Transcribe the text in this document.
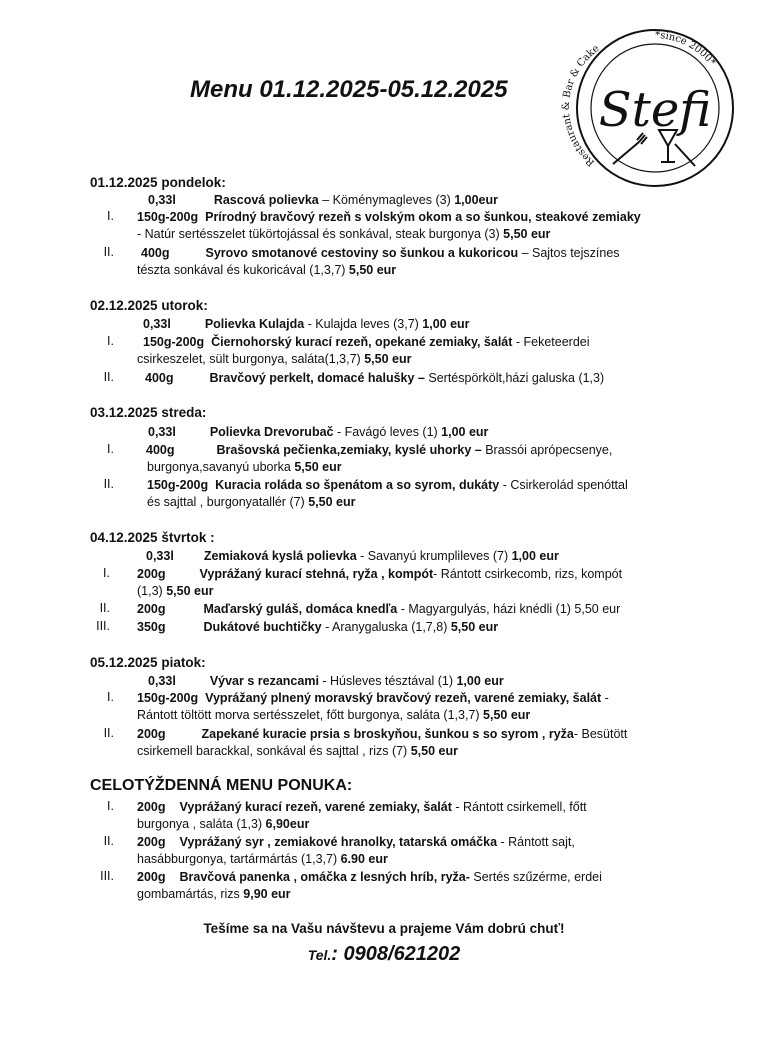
Menu 01.12.2025-05.12.2025
Restaurant & Bar & Cake
*since 2000*
Stefi
01.12.2025 pondelok:
0,33l	Rascová polievka – Köménymagleves (3) 1,00eur
I. 150g-200g Prírodný bravčový rezeň s volským okom a so šunkou, steakové zemiaky
- Natúr sertésszelet tükörtojással és sonkával, steak burgonya (3) 5,50 eur
II. 400g	Syrovo smotanové cestoviny so šunkou a kukoricou – Sajtos tejszínes
tészta sonkával és kukoricával (1,3,7) 5,50 eur
02.12.2025 utorok:
0,33l	Polievka Kulajda - Kulajda leves (3,7) 1,00 eur
I. 150g-200g Čiernohorský kurací rezeň, opekané zemiaky, šalát - Feketeerdei
csirkeszelet, sült burgonya, saláta(1,3,7) 5,50 eur
II. 400g	Bravčový perkelt, domacé halušky – Sertéspörkölt,házi galuska (1,3)
03.12.2025 streda:
0,33l	Polievka Drevorubač - Favágó leves (1) 1,00 eur
I.	400g	Brašovská pečienka,zemiaky, kyslé uhorky – Brassói aprópecsenye,
burgonya,savanyú uborka 5,50 eur
II.	150g-200g Kuracia roláda so špenátom a so syrom, dukáty - Csirkerolád spenóttal
és sajttal , burgonyatallér (7) 5,50 eur
04.12.2025 štvrtok :
0,33l Zemiaková kyslá polievka - Savanyú krumplileves (7) 1,00 eur
I. 200g	Vyprážaný kurací stehná, ryža , kompót- Rántott csirkecomb, rizs, kompót
(1,3) 5,50 eur
II. 200g	Maďarský guláš, domáca knedľa - Magyargulyás, házi knédli (1) 5,50 eur
III. 350g	Dukátové buchtičky - Aranygaluska (1,7,8) 5,50 eur
05.12.2025 piatok:
0,33l	Vývar s rezancami - Húsleves tésztával (1) 1,00 eur
I. 150g-200g Vyprážaný plnený moravský bravčový rezeň, varené zemiaky, šalát -
Rántott töltött morva sertésszelet, főtt burgonya, saláta (1,3,7) 5,50 eur
II. 200g	Zapekané kuracie prsia s broskyňou, šunkou s so syrom , ryža- Besütött
csirkemell barackkal, sonkával és sajttal , rizs (7) 5,50 eur
CELOTÝŽDENNÁ MENU PONUKA:
I. 200g Vyprážaný kurací rezeň, varené zemiaky, šalát - Rántott csirkemell, főtt
burgonya , saláta (1,3) 6,90eur
II. 200g Vyprážaný syr , zemiakové hranolky, tatarská omáčka - Rántott sajt,
hasábburgonya, tartármártás (1,3,7) 6.90 eur
III. 200g Bravčová panenka , omáčka z lesných hríb, ryža- Sertés szűzérme, erdei
gombamártás, rizs 9,90 eur
Tešíme sa na Vašu návštevu a prajeme Vám dobrú chuť!
Tel.: 0908/621202
